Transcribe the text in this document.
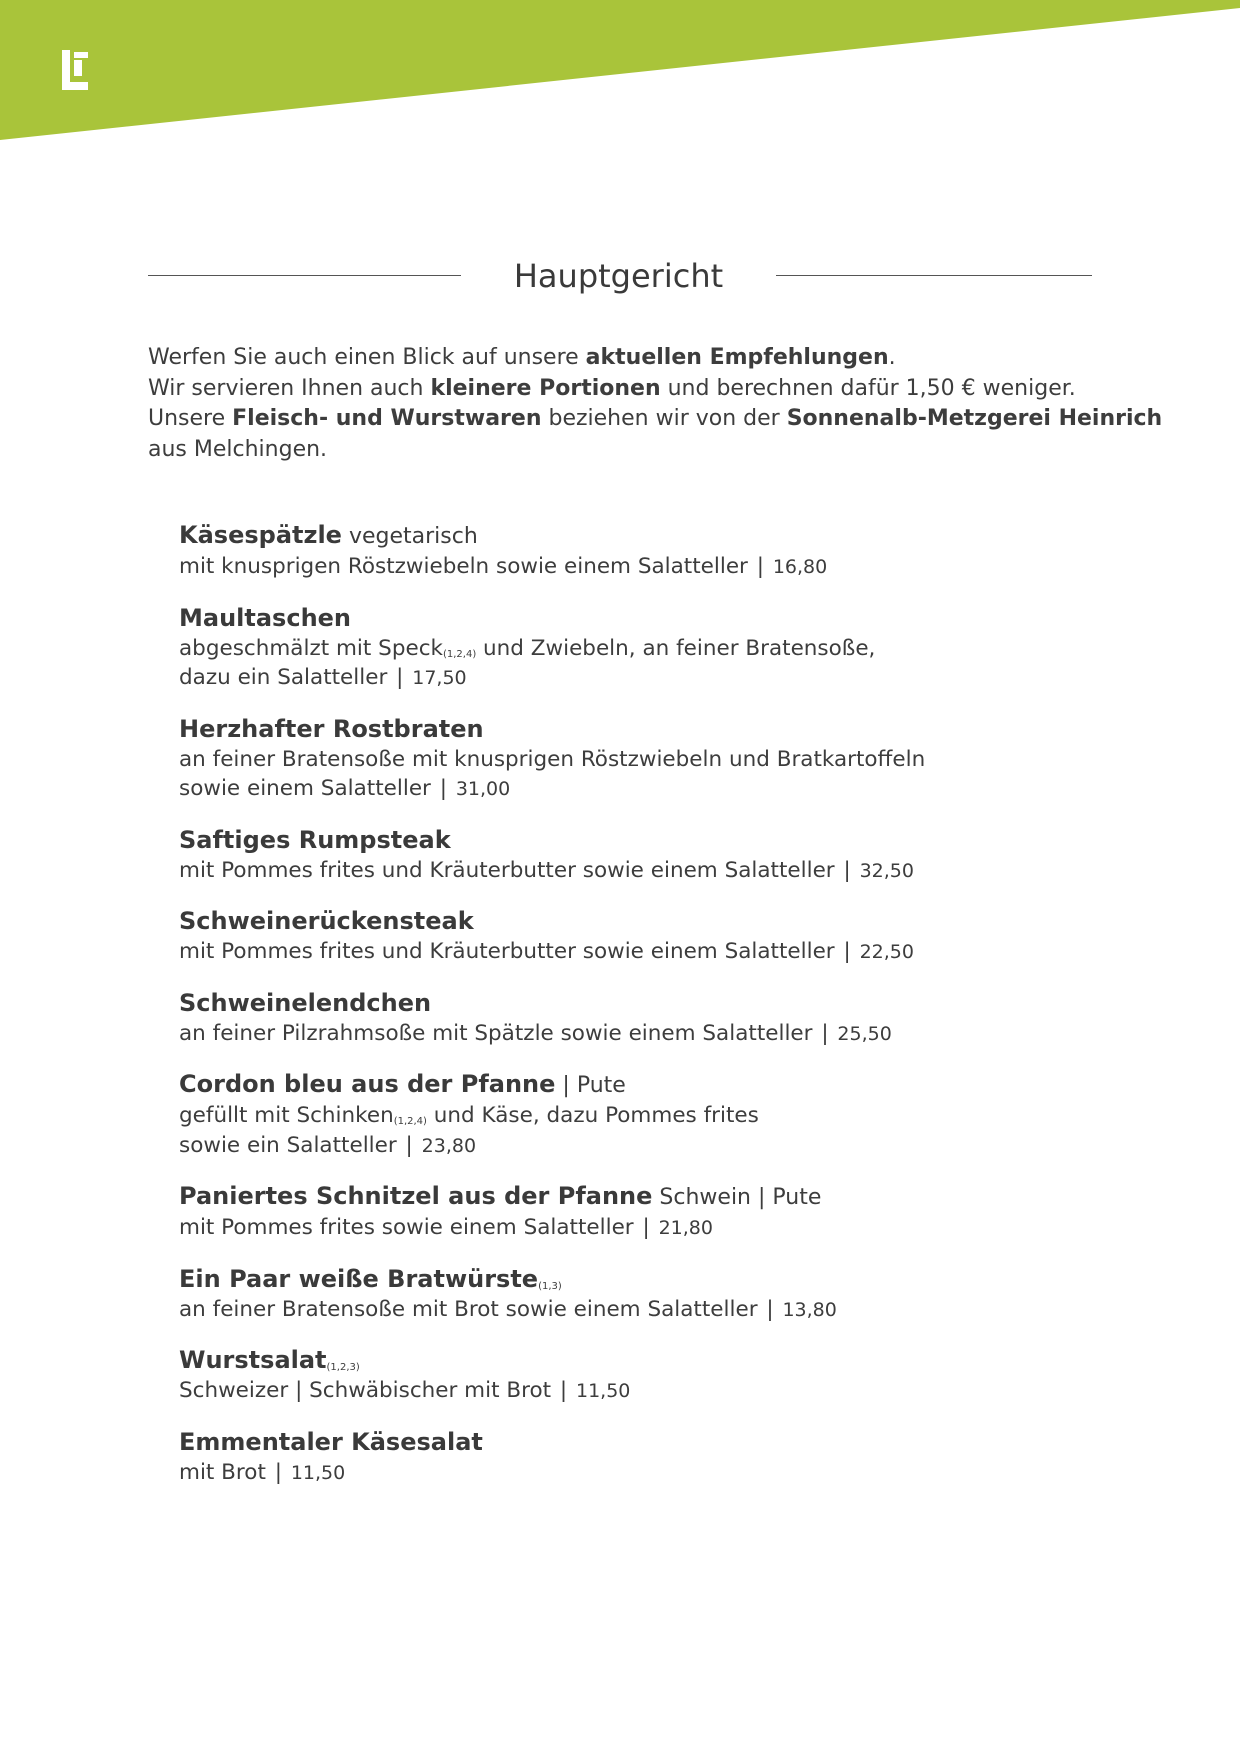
Hauptgericht

Werfen Sie auch einen Blick auf unsere aktuellen Empfehlungen.

Wir servieren Ihnen auch kleinere Portionen und berechnen dafür 1,50 € weniger.

Unsere Fleisch- und Wurstwaren beziehen wir von der Sonnenalb-Metzgerei Heinrich

aus Melchingen.

Käsespätzle vegetarisch
mit knusprigen Röstzwiebeln sowie einem Salatteller | 16,80
Maultaschen
abgeschmälzt mit Speck$_{(1,2,4)}$ und Zwiebeln, an feiner Bratensoße,
dazu ein Salatteller | 17,50
Herzhafter Rostbraten
an feiner Bratensoße mit knusprigen Röstzwiebeln und Bratkartoffeln
sowie einem Salatteller | 31,00
Saftiges Rumpsteak
mit Pommes frites und Kräuterbutter sowie einem Salatteller | 32,50
Schweinerückensteak
mit Pommes frites und Kräuterbutter sowie einem Salatteller | 22,50
Schweinelendchen
an feiner Pilzrahmsoße mit Spätzle sowie einem Salatteller | 25,50
Cordon bleu aus der Pfanne | Pute
gefüllt mit Schinken$_{(1,2,4)}$ und Käse, dazu Pommes frites
sowie ein Salatteller | 23,80
Paniertes Schnitzel aus der Pfanne Schwein | Pute
mit Pommes frites sowie einem Salatteller | 21,80
Ein Paar weiße Bratwürste$_{(1,3)}$
an feiner Bratensoße mit Brot sowie einem Salatteller | 13,80
Wurstsalat$_{(1,2,3)}$
Schweizer | Schwäbischer mit Brot | 11,50
Emmentaler Käsesalat
mit Brot | 11,50
